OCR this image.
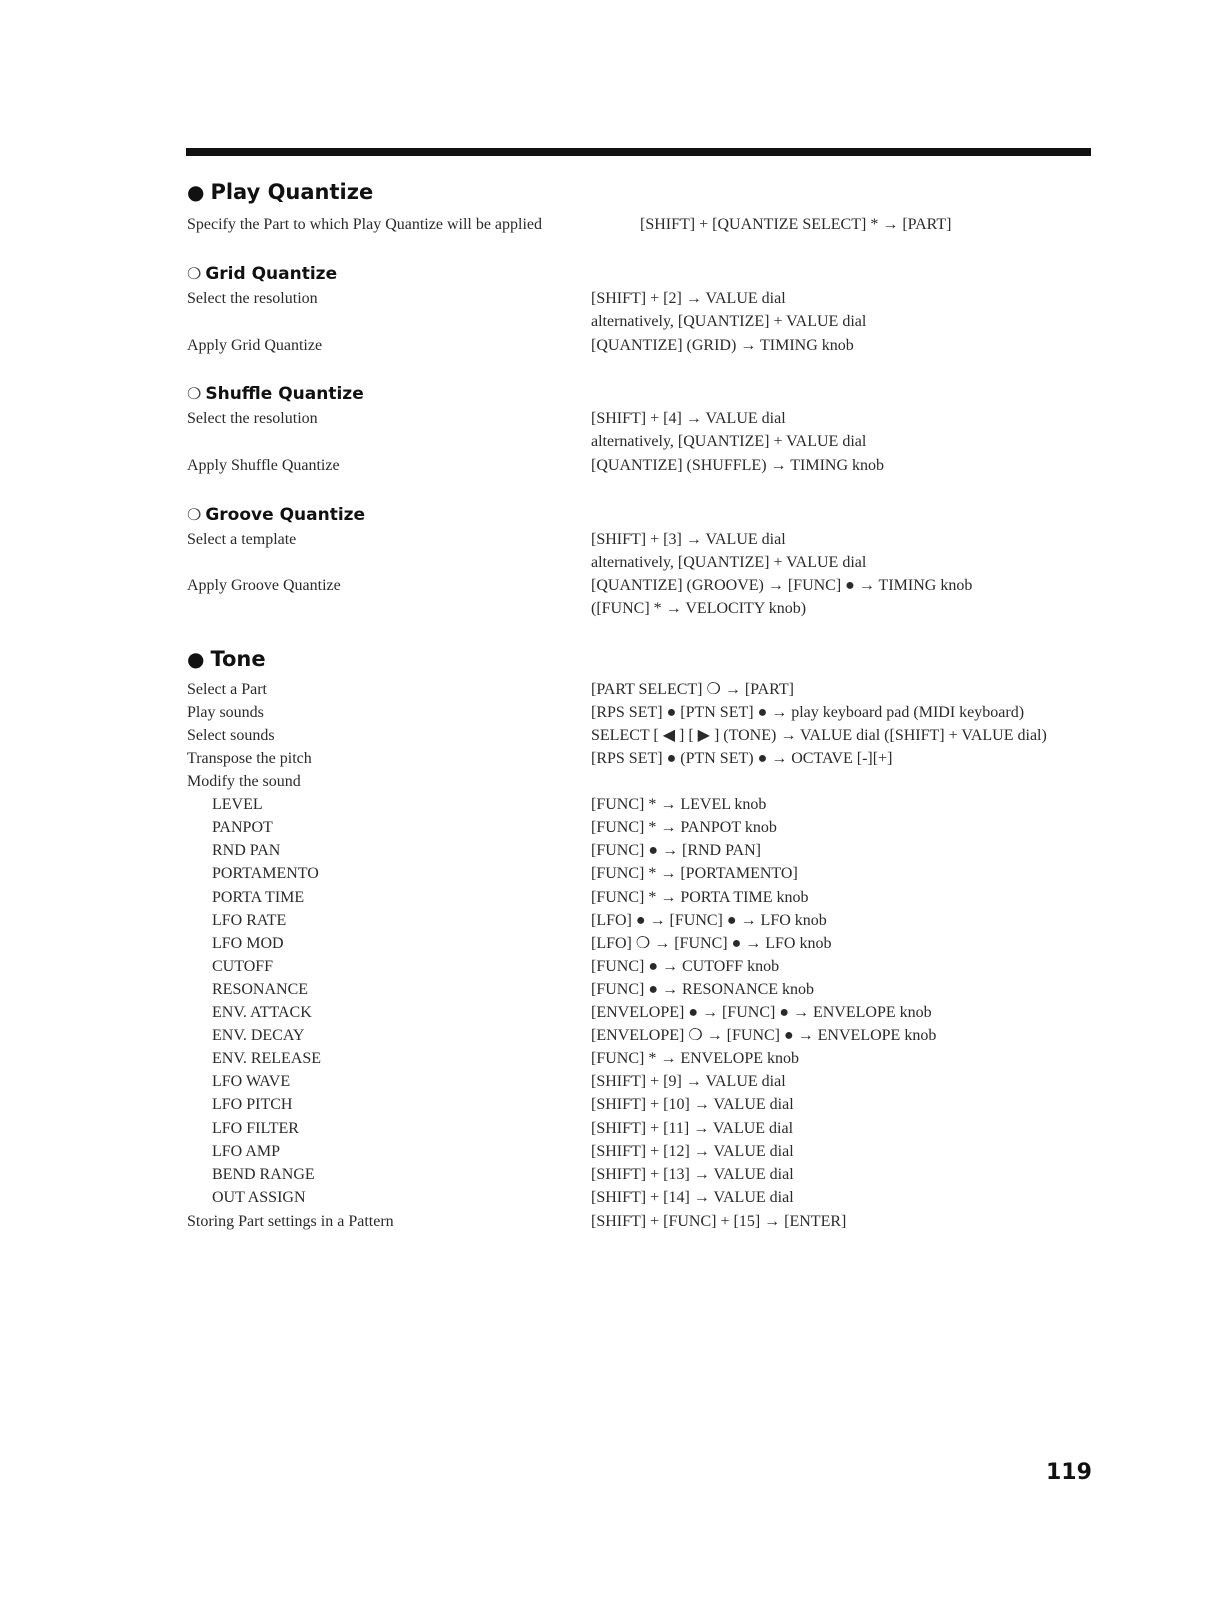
● Play Quantize
Specify the Part to which Play Quantize will be applied	[SHIFT] + [QUANTIZE SELECT] * → [PART]
❍ Grid Quantize
Select the resolution	[SHIFT] + [2] → VALUE dial
alternatively, [QUANTIZE] + VALUE dial
Apply Grid Quantize	[QUANTIZE] (GRID) → TIMING knob
❍ Shuffle Quantize
Select the resolution	[SHIFT] + [4] → VALUE dial
alternatively, [QUANTIZE] + VALUE dial
Apply Shuffle Quantize	[QUANTIZE] (SHUFFLE) → TIMING knob
❍ Groove Quantize
Select a template	[SHIFT] + [3] → VALUE dial
alternatively, [QUANTIZE] + VALUE dial
Apply Groove Quantize	[QUANTIZE] (GROOVE) → [FUNC] ● → TIMING knob
([FUNC] * → VELOCITY knob)
● Tone
Select a Part	[PART SELECT] ❍ → [PART]
Play sounds	[RPS SET] ● [PTN SET] ● → play keyboard pad (MIDI keyboard)
Select sounds	SELECT [ ◀ ] [ ▶ ] (TONE) → VALUE dial ([SHIFT] + VALUE dial)
Transpose the pitch	[RPS SET] ● (PTN SET) ● → OCTAVE [-][+]
Modify the sound
LEVEL	[FUNC] * → LEVEL knob
PANPOT	[FUNC] * → PANPOT knob
RND PAN	[FUNC] ● → [RND PAN]
PORTAMENTO	[FUNC] * → [PORTAMENTO]
PORTA TIME	[FUNC] * → PORTA TIME knob
LFO RATE	[LFO] ● → [FUNC] ● → LFO knob
LFO MOD	[LFO] ❍ → [FUNC] ● → LFO knob
CUTOFF	[FUNC] ● → CUTOFF knob
RESONANCE	[FUNC] ● → RESONANCE knob
ENV. ATTACK	[ENVELOPE] ● → [FUNC] ● → ENVELOPE knob
ENV. DECAY	[ENVELOPE] ❍ → [FUNC] ● → ENVELOPE knob
ENV. RELEASE	[FUNC] * → ENVELOPE knob
LFO WAVE	[SHIFT] + [9] → VALUE dial
LFO PITCH	[SHIFT] + [10] → VALUE dial
LFO FILTER	[SHIFT] + [11] → VALUE dial
LFO AMP	[SHIFT] + [12] → VALUE dial
BEND RANGE	[SHIFT] + [13] → VALUE dial
OUT ASSIGN	[SHIFT] + [14] → VALUE dial
Storing Part settings in a Pattern	[SHIFT] + [FUNC] + [15] → [ENTER]
119
